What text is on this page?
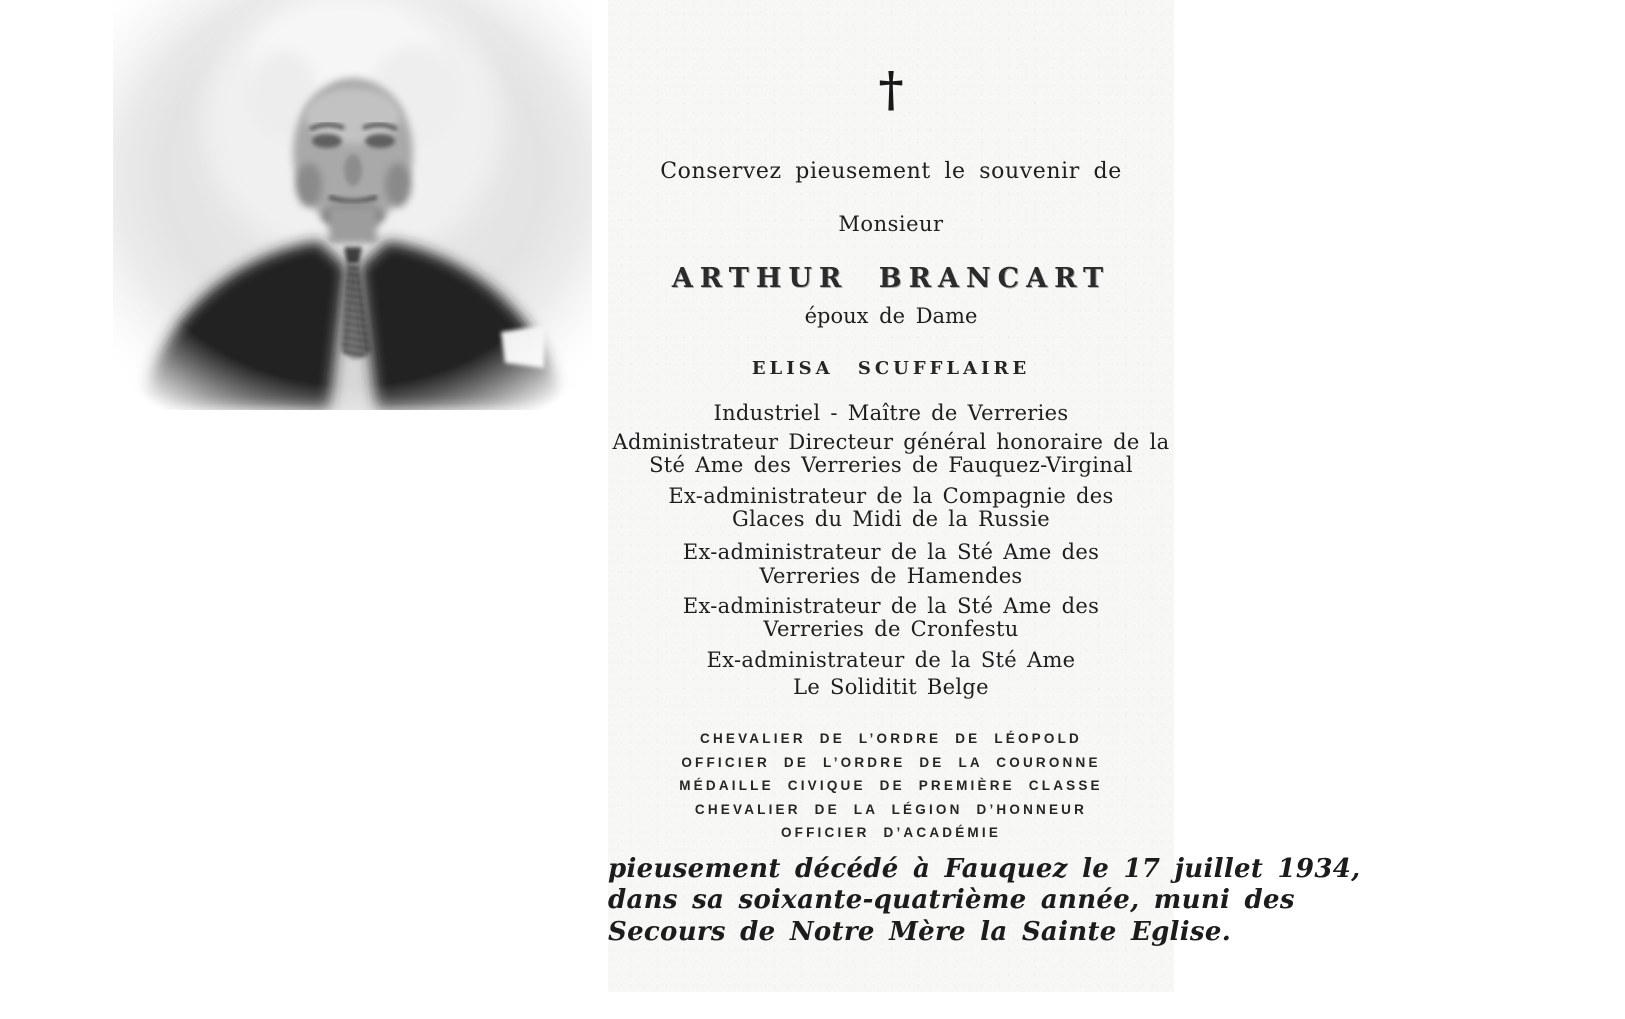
†
Conservez pieusement le souvenir de
Monsieur
ARTHUR BRANCART
époux de Dame
ELISA SCUFFLAIRE
Industriel - Maître de Verreries
Administrateur Directeur général honoraire de la
Sté Ame des Verreries de Fauquez-Virginal
Ex-administrateur de la Compagnie des
Glaces du Midi de la Russie
Ex-administrateur de la Sté Ame des
Verreries de Hamendes
Ex-administrateur de la Sté Ame des
Verreries de Cronfestu
Ex-administrateur de la Sté Ame
Le Soliditit Belge
CHEVALIER DE L’ORDRE DE LÉOPOLD
OFFICIER DE L’ORDRE DE LA COURONNE
MÉDAILLE CIVIQUE DE PREMIÈRE CLASSE
CHEVALIER DE LA LÉGION D’HONNEUR
OFFICIER D’ACADÉMIE
pieusement décédé à Fauquez le 17 juillet 1934,
dans sa soixante-quatrième année, muni des
Secours de Notre Mère la Sainte Eglise.
